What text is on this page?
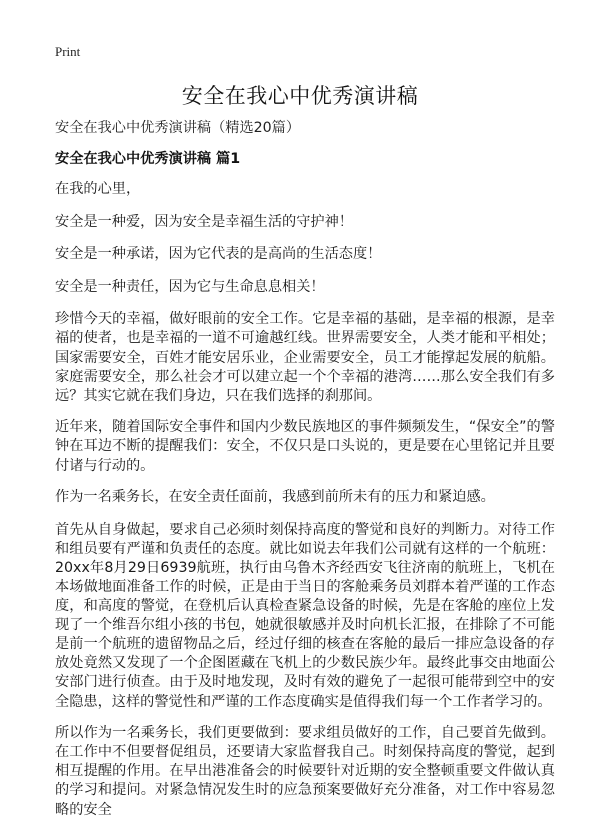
Print
安全在我心中优秀演讲稿

安全在我心中优秀演讲稿（精选20篇）

安全在我心中优秀演讲稿 篇1

在我的心里，

安全是一种爱，因为安全是幸福生活的守护神！

安全是一种承诺，因为它代表的是高尚的生活态度！

安全是一种责任，因为它与生命息息相关！

珍惜今天的幸福，做好眼前的安全工作。它是幸福的基础，是幸福的根源，是幸福的使者，也是幸福的一道不可逾越红线。世界需要安全，人类才能和平相处；国家需要安全，百姓才能安居乐业，企业需要安全，员工才能撑起发展的航船。家庭需要安全，那么社会才可以建立起一个个幸福的港湾……那么安全我们有多远？其实它就在我们身边，只在我们选择的刹那间。

近年来，随着国际安全事件和国内少数民族地区的事件频频发生，“保安全”的警钟在耳边不断的提醒我们：安全，不仅只是口头说的，更是要在心里铭记并且要付诸与行动的。

作为一名乘务长，在安全责任面前，我感到前所未有的压力和紧迫感。

首先从自身做起，要求自己必须时刻保持高度的警觉和良好的判断力。对待工作和组员要有严谨和负责任的态度。就比如说去年我们公司就有这样的一个航班：20xx年8月29日6939航班，执行由乌鲁木齐经西安飞往济南的航班上，飞机在本场做地面准备工作的时候，正是由于当日的客舱乘务员刘群本着严谨的工作态度，和高度的警觉，在登机后认真检查紧急设备的时候，先是在客舱的座位上发现了一个维吾尔组小孩的书包，她就很敏感并及时向机长汇报，在排除了不可能是前一个航班的遗留物品之后，经过仔细的核查在客舱的最后一排应急设备的存放处竟然又发现了一个企图匿藏在飞机上的少数民族少年。最终此事交由地面公安部门进行侦查。由于及时地发现，及时有效的避免了一起很可能带到空中的安全隐患，这样的警觉性和严谨的工作态度确实是值得我们每一个工作者学习的。

所以作为一名乘务长，我们更要做到：要求组员做好的工作，自己要首先做到。在工作中不但要督促组员，还要请大家监督我自己。时刻保持高度的警觉，起到相互提醒的作用。在早出港准备会的时候要针对近期的安全整顿重要文件做认真的学习和提问。对紧急情况发生时的应急预案要做好充分准备，对工作中容易忽略的安全
